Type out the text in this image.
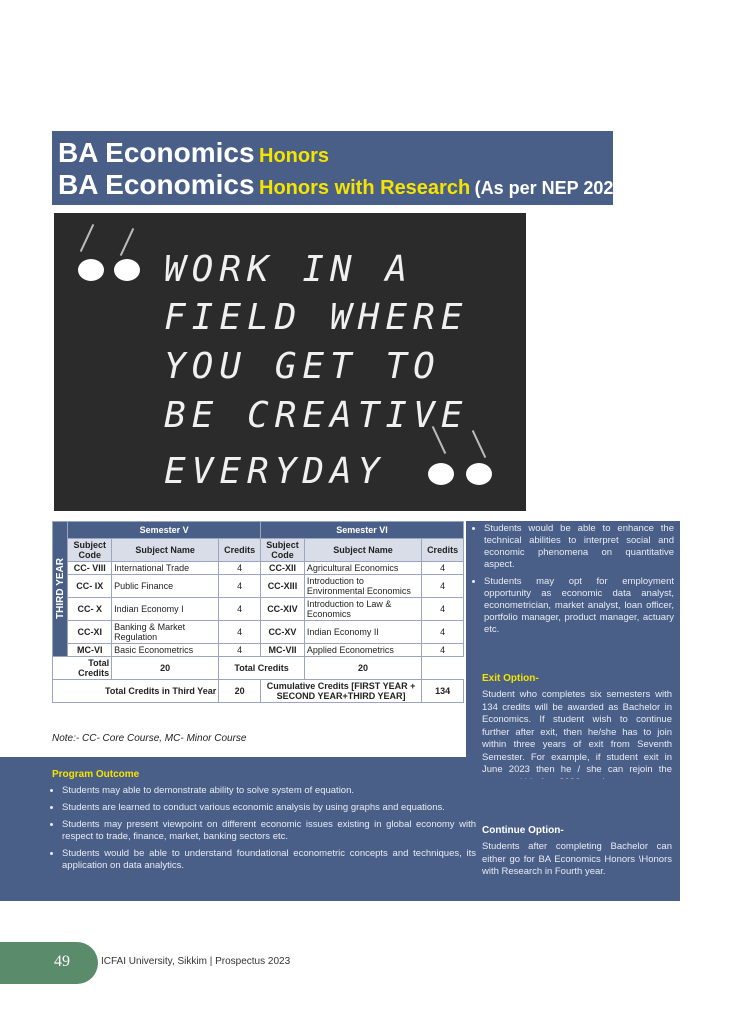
BA Economics Honors
BA Economics Honors with Research (As per NEP 2020)
WORK IN A
FIELD WHERE
YOU GET TO
BE CREATIVE
EVERYDAY
THIRD YEAR	Semester V			Semester VI		
	Subject Code	Subject Name	Credits	Subject Code	Subject Name	Credits
	CC- VIII	International Trade	4	CC-XII	Agricultural Economics	4
	CC- IX	Public Finance	4	CC-XIII	Introduction to Environmental Economics	4
	CC- X	Indian Economy I	4	CC-XIV	Introduction to Law & Economics	4
	CC-XI	Banking & Market Regulation	4	CC-XV	Indian Economy II	4
	MC-VI	Basic Econometrics	4	MC-VII	Applied Econometrics	4
Total Credits		20	Total Credits		20	
Total Credits in Third Year			20	Cumulative Credits [FIRST YEAR + SECOND YEAR+THIRD YEAR]		134
Note:- CC- Core Course, MC- Minor Course
• Students would be able to enhance the technical abilities to interpret social and economic phenomena on quantitative aspect.
• Students may opt for employment opportunity as economic data analyst, econometrician, market analyst, loan officer, portfolio manager, product manager, actuary etc.
Exit Option-
Student who completes six semesters with 134 credits will be awarded as Bachelor in Economics. If student wish to continue further after exit, then he/she has to join within three years of exit from Seventh Semester. For example, if student exit in June 2023 then he / she can rejoin the
Continue Option-
Students after completing Bachelor can either go for BA Economics Honors \Honors with Research in Fourth year.
Program Outcome
• Students may able to demonstrate ability to solve system of equation.
• Students are learned to conduct various economic analysis by using graphs and equations.
• Students may present viewpoint on different economic issues existing in global economy with respect to trade, finance, market, banking sectors etc.
• Students would be able to understand foundational econometric concepts and techniques, its application on data analytics.
49	ICFAI University, Sikkim | Prospectus 2023
